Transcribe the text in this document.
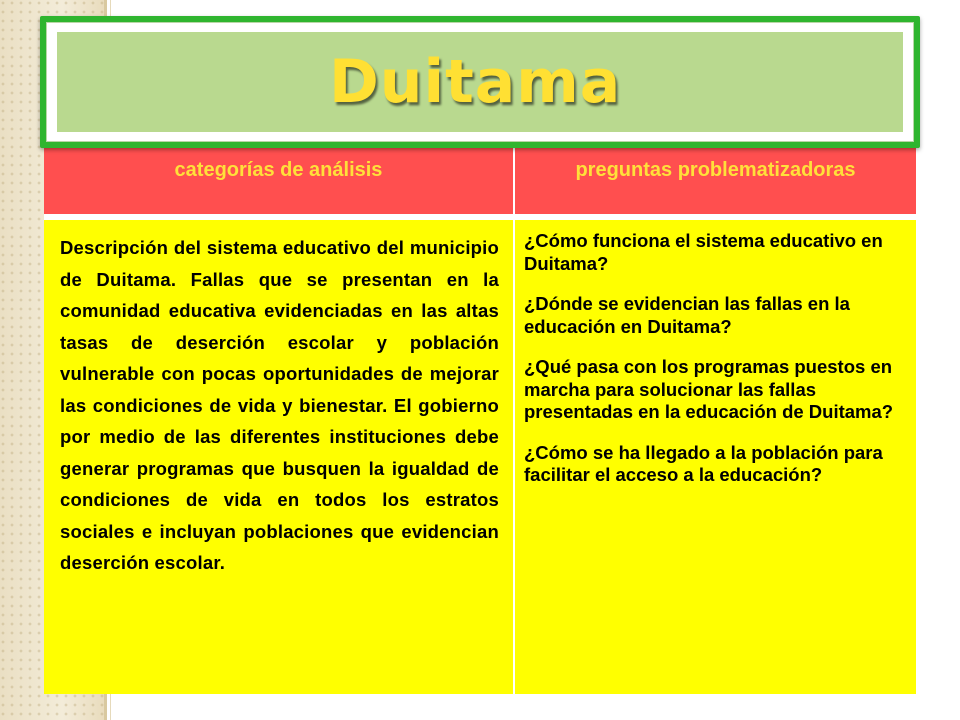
categorías de análisis	preguntas problematizadoras
Descripción del sistema educativo del municipio de Duitama. Fallas que se presentan en la comunidad educativa evidenciadas en las altas tasas de deserción escolar y población vulnerable con pocas oportunidades de mejorar las condiciones de vida y bienestar. El gobierno por medio de las diferentes instituciones debe generar programas que busquen la igualdad de condiciones de vida en todos los estratos sociales e incluyan poblaciones que evidencian deserción escolar.

¿Cómo funciona el sistema educativo en Duitama?

¿Dónde se evidencian las fallas en la educación en Duitama?

¿Qué pasa con los programas puestos en marcha para solucionar las fallas presentadas en la educación de Duitama?

¿Cómo se ha llegado a la población para facilitar el acceso a la educación?

Duitama
